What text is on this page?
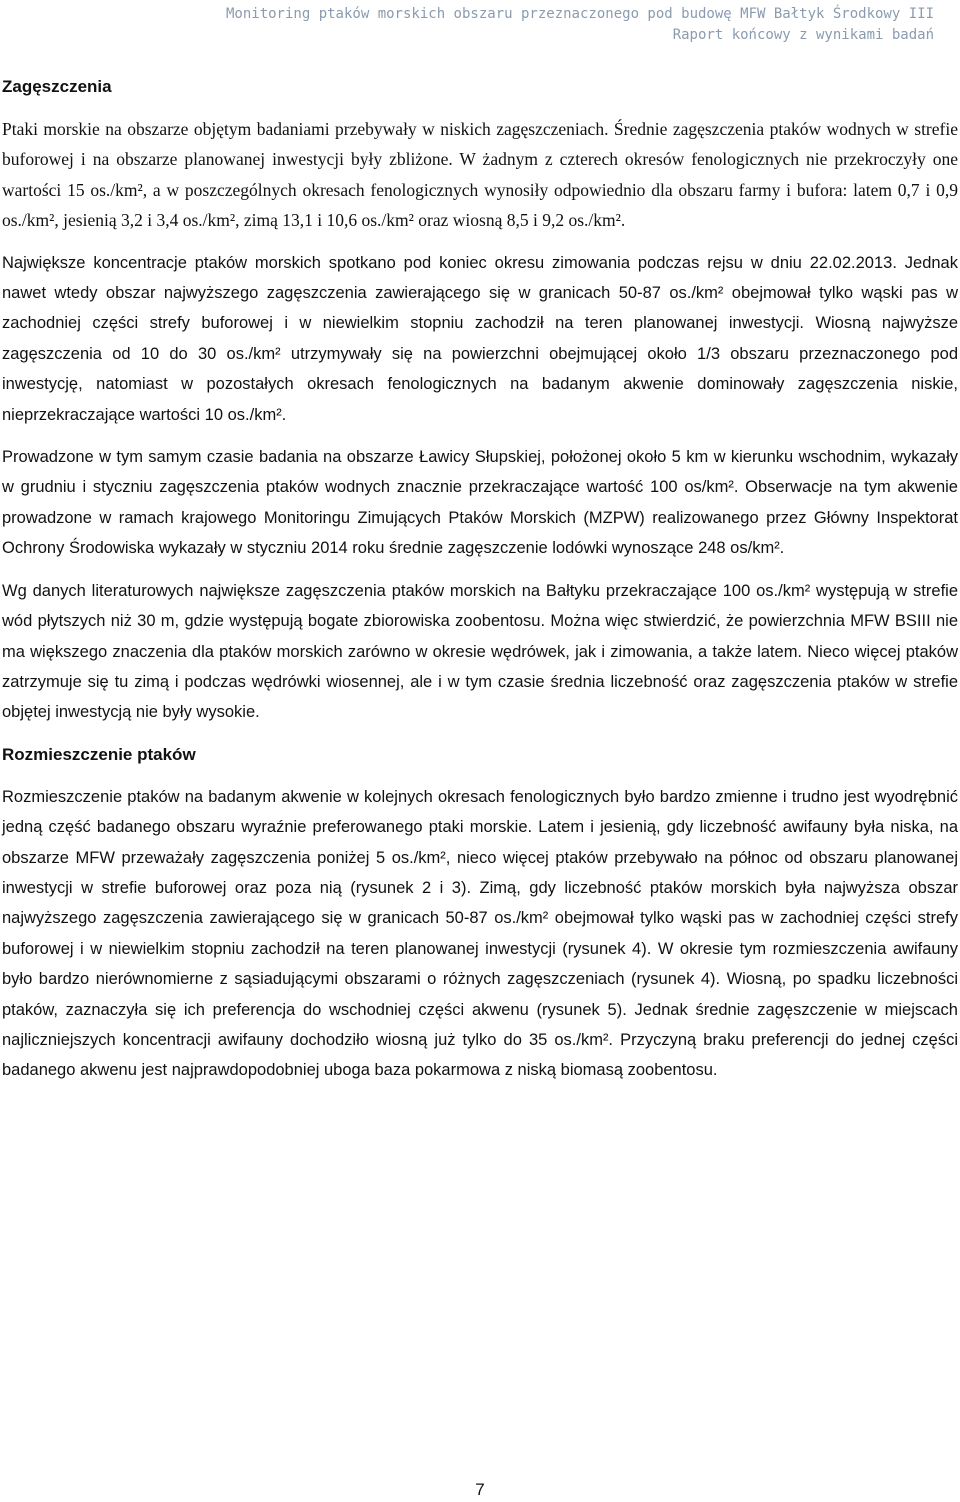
Monitoring ptaków morskich obszaru przeznaczonego pod budowę MFW Bałtyk Środkowy III
Raport końcowy z wynikami badań
Zagęszczenia

Ptaki morskie na obszarze objętym badaniami przebywały w niskich zagęszczeniach. Średnie zagęszczenia ptaków wodnych w strefie buforowej i na obszarze planowanej inwestycji były zbliżone. W żadnym z czterech okresów fenologicznych nie przekroczyły one wartości 15 os./km², a w poszczególnych okresach fenologicznych wynosiły odpowiednio dla obszaru farmy i bufora: latem 0,7 i 0,9 os./km², jesienią 3,2 i 3,4 os./km², zimą 13,1 i 10,6 os./km² oraz wiosną 8,5 i 9,2 os./km².

Największe koncentracje ptaków morskich spotkano pod koniec okresu zimowania podczas rejsu w dniu 22.02.2013. Jednak nawet wtedy obszar najwyższego zagęszczenia zawierającego się w granicach 50-87 os./km² obejmował tylko wąski pas w zachodniej części strefy buforowej i w niewielkim stopniu zachodził na teren planowanej inwestycji. Wiosną najwyższe zagęszczenia od 10 do 30 os./km² utrzymywały się na powierzchni obejmującej około 1/3 obszaru przeznaczonego pod inwestycję, natomiast w pozostałych okresach fenologicznych na badanym akwenie dominowały zagęszczenia niskie, nieprzekraczające wartości 10 os./km².

Prowadzone w tym samym czasie badania na obszarze Ławicy Słupskiej, położonej około 5 km w kierunku wschodnim, wykazały w grudniu i styczniu zagęszczenia ptaków wodnych znacznie przekraczające wartość 100 os/km². Obserwacje na tym akwenie prowadzone w ramach krajowego Monitoringu Zimujących Ptaków Morskich (MZPW) realizowanego przez Główny Inspektorat Ochrony Środowiska wykazały w styczniu 2014 roku średnie zagęszczenie lodówki wynoszące 248 os/km².

Wg danych literaturowych największe zagęszczenia ptaków morskich na Bałtyku przekraczające 100 os./km² występują w strefie wód płytszych niż 30 m, gdzie występują bogate zbiorowiska zoobentosu. Można więc stwierdzić, że powierzchnia MFW BSIII nie ma większego znaczenia dla ptaków morskich zarówno w okresie wędrówek, jak i zimowania, a także latem. Nieco więcej ptaków zatrzymuje się tu zimą i podczas wędrówki wiosennej, ale i w tym czasie średnia liczebność oraz zagęszczenia ptaków w strefie objętej inwestycją nie były wysokie.

Rozmieszczenie ptaków

Rozmieszczenie ptaków na badanym akwenie w kolejnych okresach fenologicznych było bardzo zmienne i trudno jest wyodrębnić jedną część badanego obszaru wyraźnie preferowanego ptaki morskie. Latem i jesienią, gdy liczebność awifauny była niska, na obszarze MFW przeważały zagęszczenia poniżej 5 os./km², nieco więcej ptaków przebywało na północ od obszaru planowanej inwestycji w strefie buforowej oraz poza nią (rysunek 2 i 3). Zimą, gdy liczebność ptaków morskich była najwyższa obszar najwyższego zagęszczenia zawierającego się w granicach 50-87 os./km² obejmował tylko wąski pas w zachodniej części strefy buforowej i w niewielkim stopniu zachodził na teren planowanej inwestycji (rysunek 4). W okresie tym rozmieszczenia awifauny było bardzo nierównomierne z sąsiadującymi obszarami o różnych zagęszczeniach (rysunek 4). Wiosną, po spadku liczebności ptaków, zaznaczyła się ich preferencja do wschodniej części akwenu (rysunek 5). Jednak średnie zagęszczenie w miejscach najliczniejszych koncentracji awifauny dochodziło wiosną już tylko do 35 os./km². Przyczyną braku preferencji do jednej części badanego akwenu jest najprawdopodobniej uboga baza pokarmowa z niską biomasą zoobentosu.

7
